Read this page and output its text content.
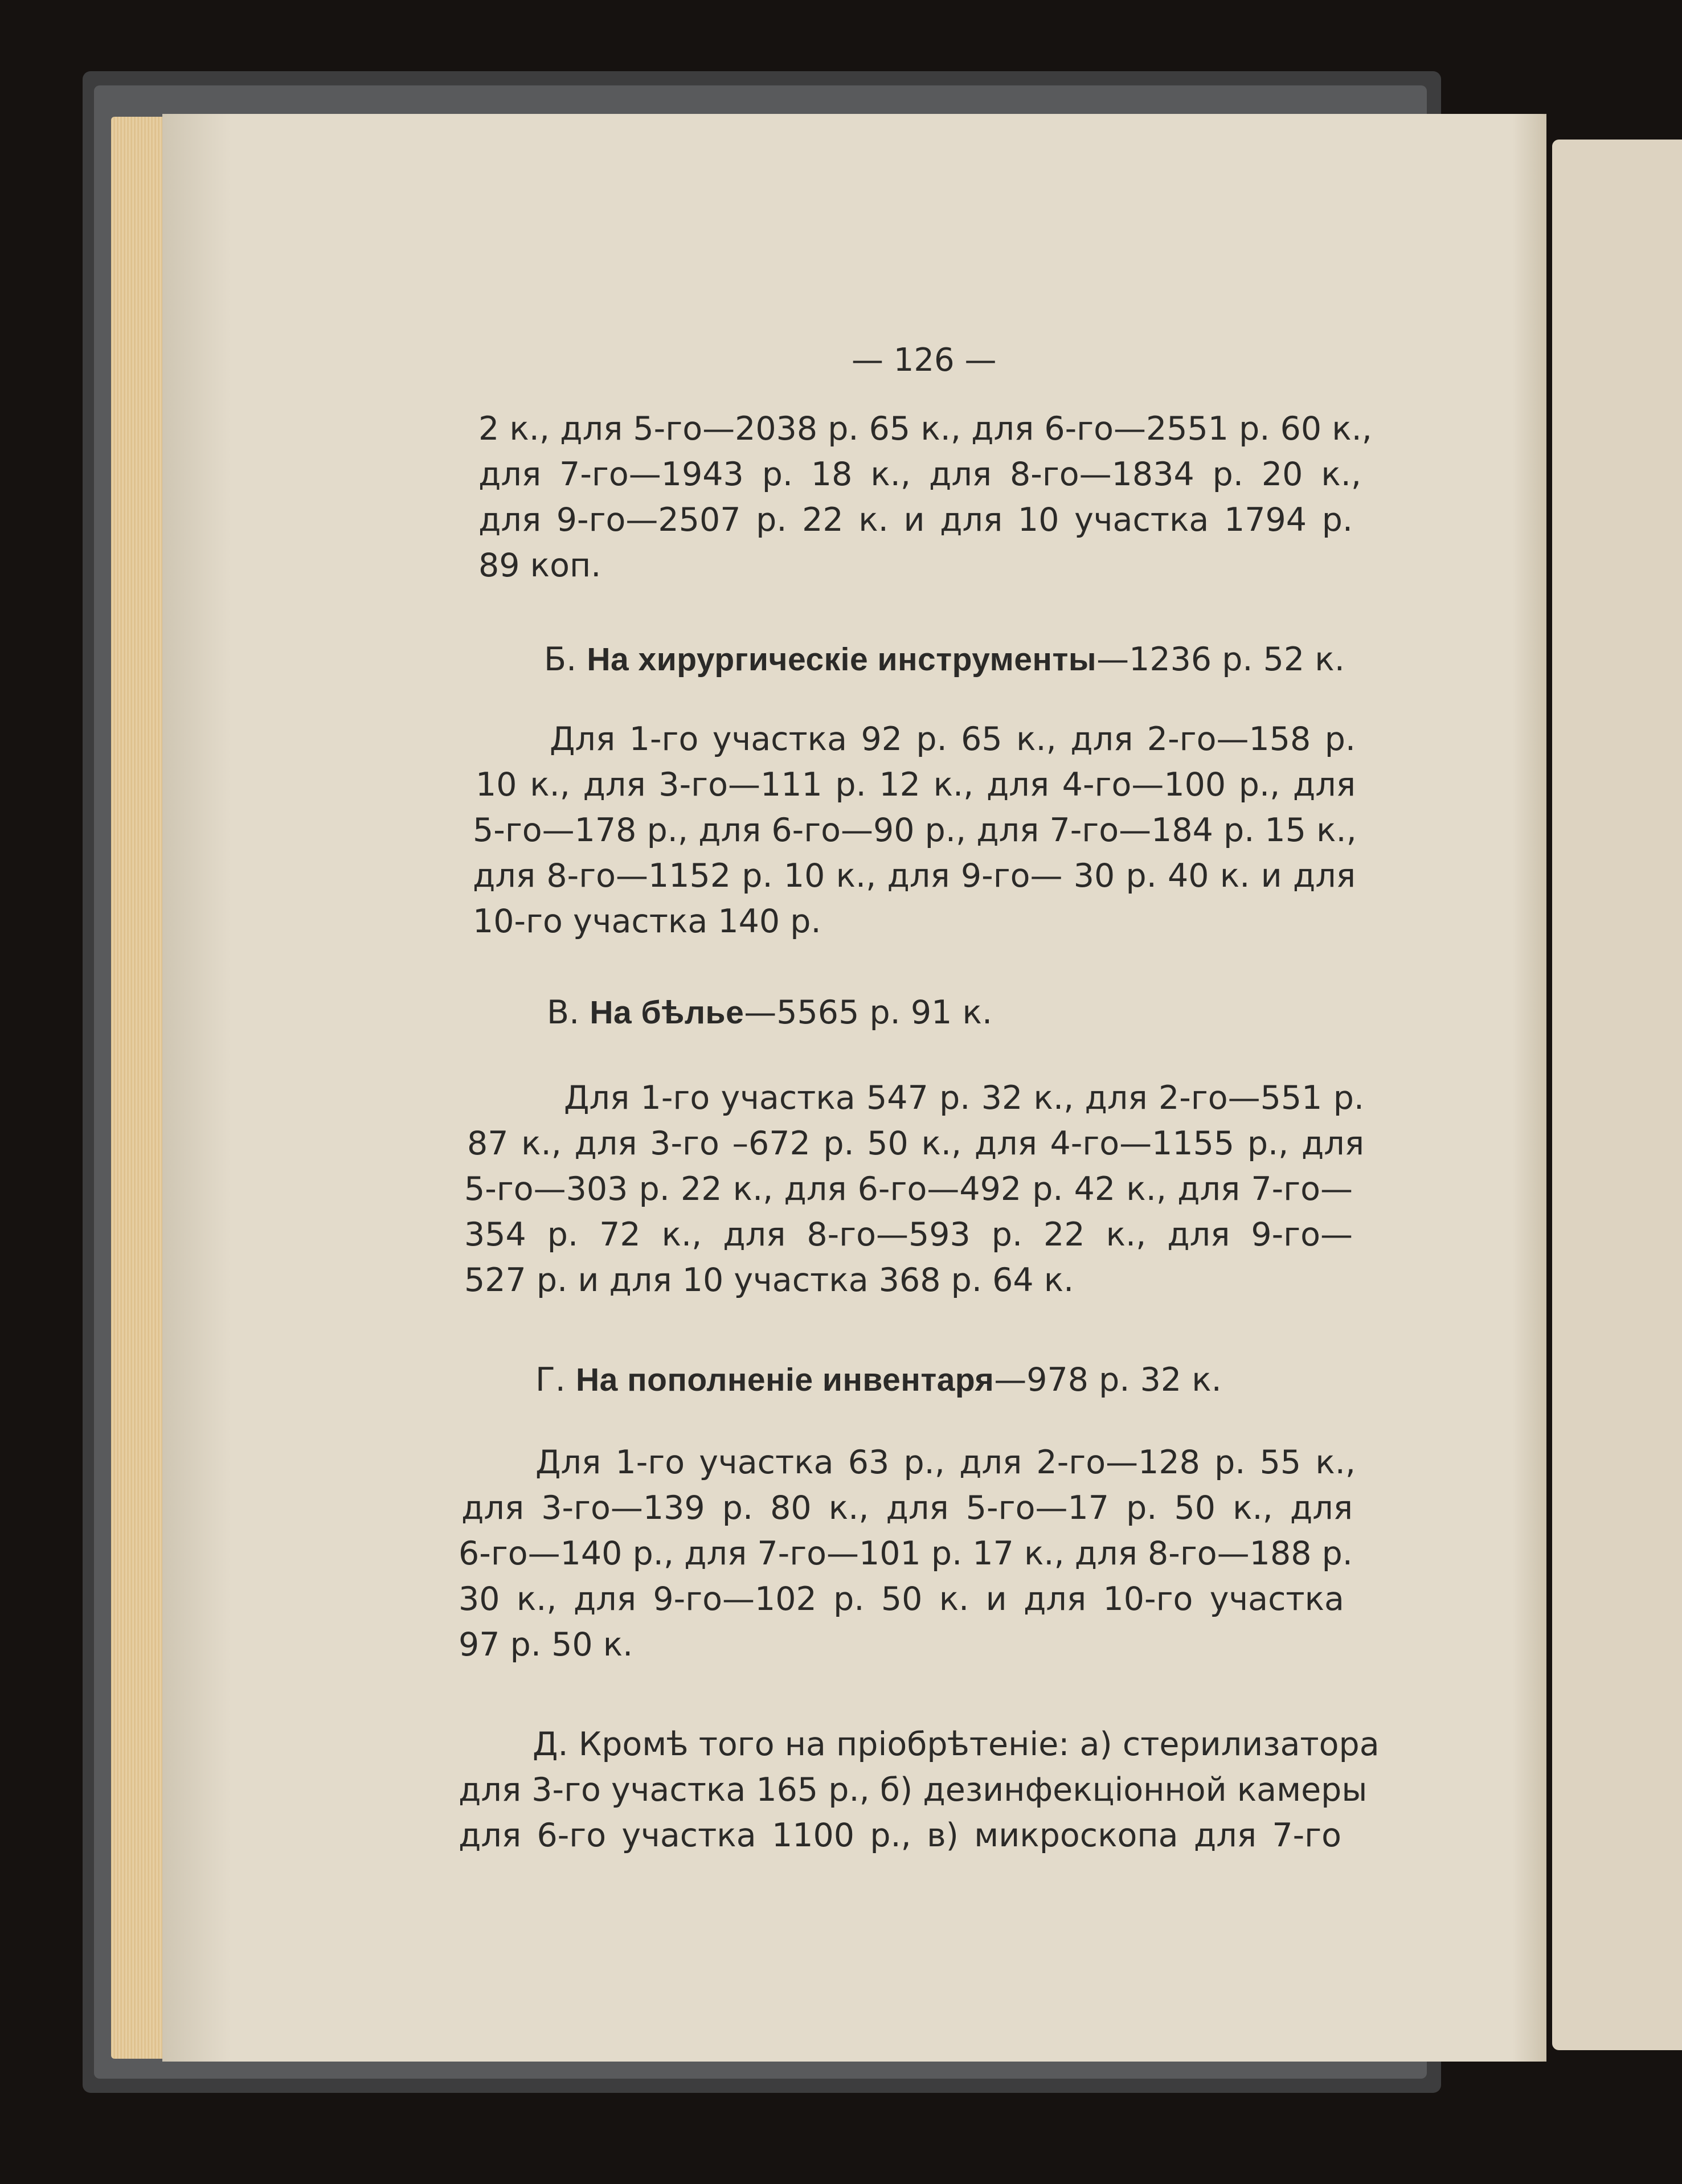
— 126 —
2 к., для 5-го—2038 р. 65 к., для 6-го—2551 р. 60 к.,
для 7-го—1943 р. 18 к., для 8-го—1834 р. 20 к.,
для 9-го—2507 р. 22 к. и для 10 участка 1794 р.
89 коп.
Б. На хирургическіе инструменты—1236 р. 52 к.
Для 1-го участка 92 р. 65 к., для 2-го—158 р.
10 к., для 3-го—111 р. 12 к., для 4-го—100 р., для
5-го—178 р., для 6-го—90 р., для 7-го—184 р. 15 к.,
для 8-го—1152 р. 10 к., для 9-го— 30 р. 40 к. и для
10-го участка 140 р.
В. На бѣлье—5565 р. 91 к.
Для 1-го участка 547 р. 32 к., для 2-го—551 р.
87 к., для 3-го –672 р. 50 к., для 4-го—1155 р., для
5-го—303 р. 22 к., для 6-го—492 р. 42 к., для 7-го—
354 р. 72 к., для 8-го—593 р. 22 к., для 9-го—
527 р. и для 10 участка 368 р. 64 к.
Г. На пополненіе инвентаря—978 р. 32 к.
Для 1-го участка 63 р., для 2-го—128 р. 55 к.,
для 3-го—139 р. 80 к., для 5-го—17 р. 50 к., для
6-го—140 р., для 7-го—101 р. 17 к., для 8-го—188 р.
30 к., для 9-го—102 р. 50 к. и для 10-го участка
97 р. 50 к.
Д. Кромѣ того на пріобрѣтеніе: а) стерилизатора
для 3-го участка 165 р., б) дезинфекціонной камеры
для 6-го участка 1100 р., в) микроскопа для 7-го
